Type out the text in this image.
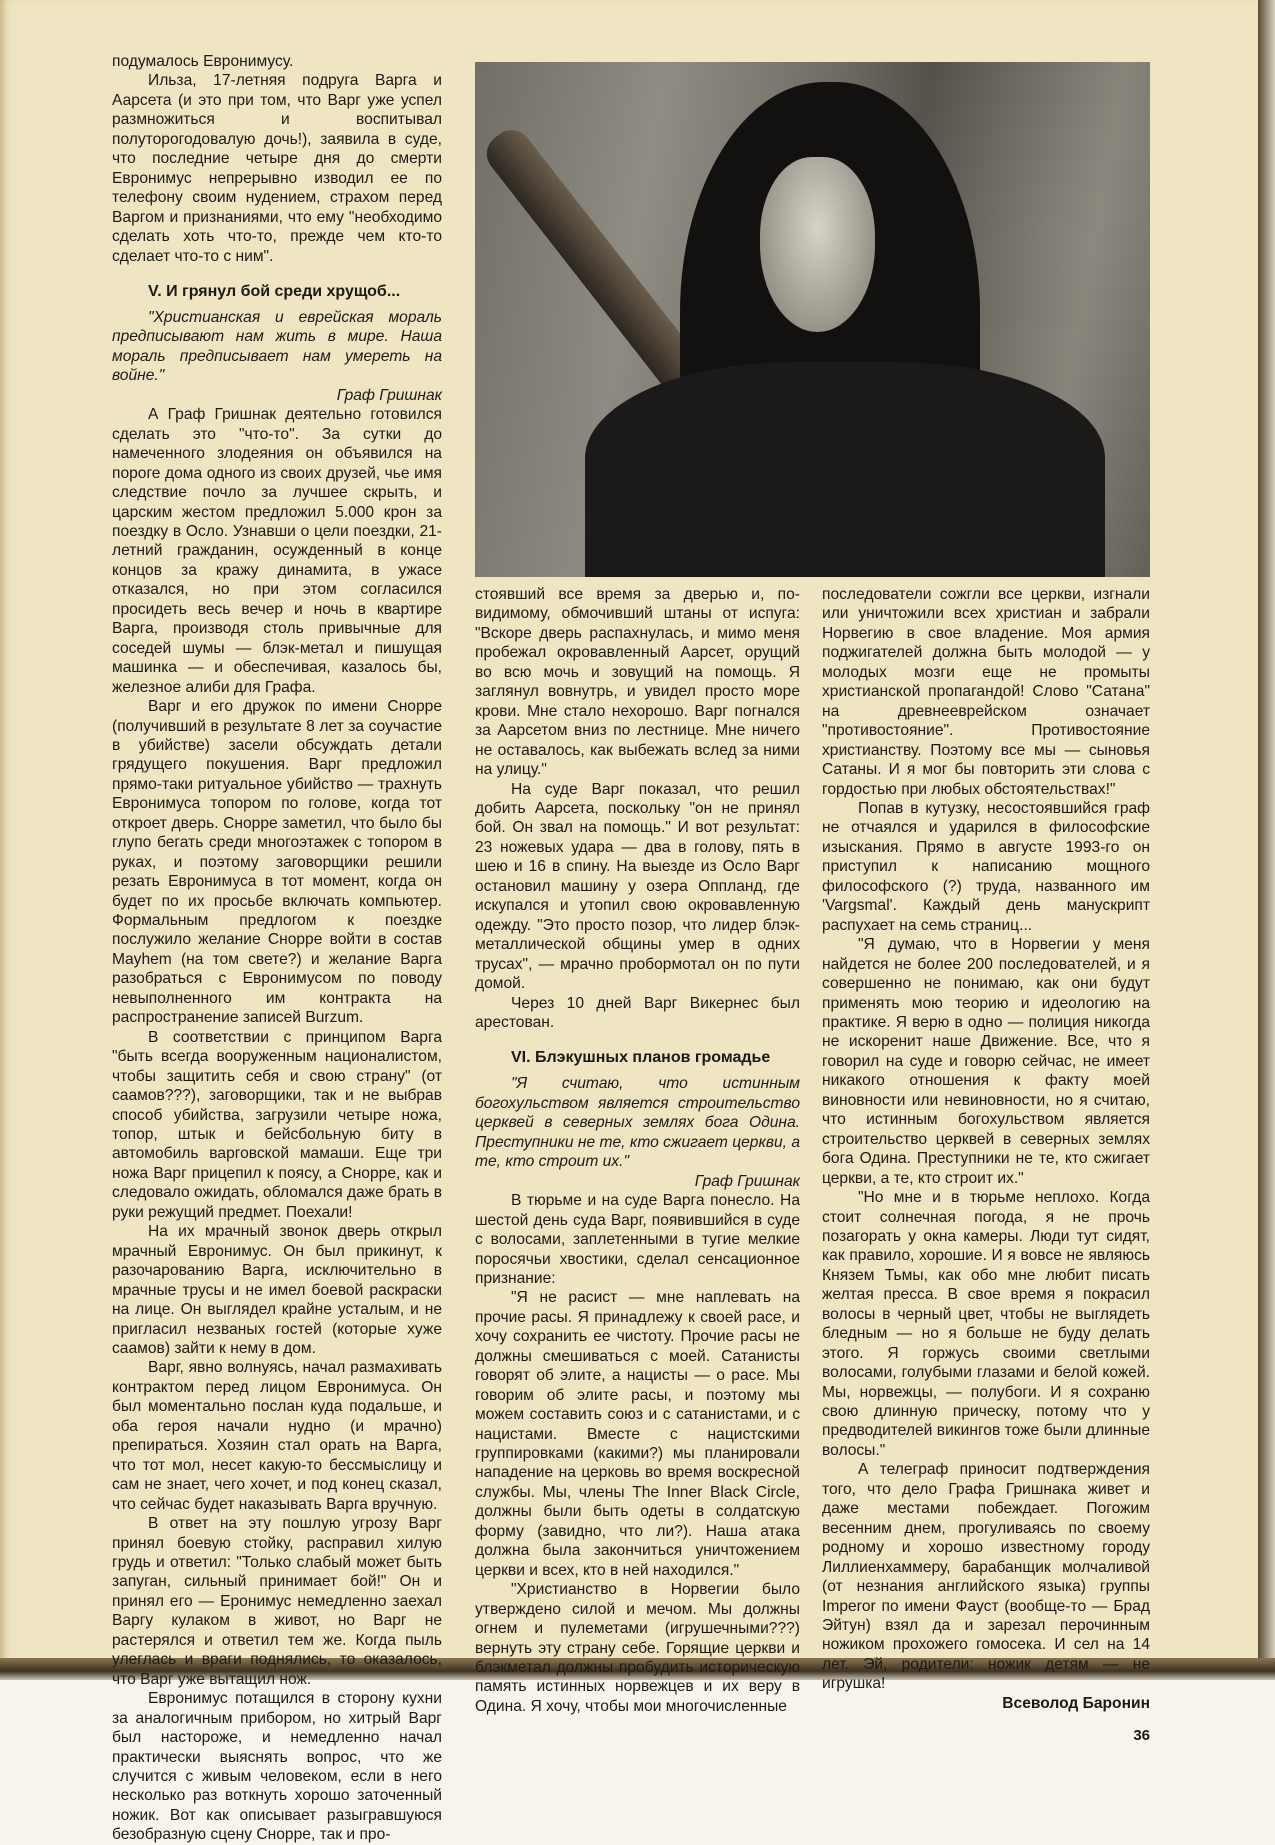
подумалось Евронимусу.

Ильза, 17-летняя подруга Варга и Аарсета (и это при том, что Варг уже успел размножиться и воспитывал полуторогодовалую дочь!), заявила в суде, что последние четыре дня до смерти Евронимус непрерывно изводил ее по телефону своим нудением, страхом перед Варгом и признаниями, что ему "необходимо сделать хоть что-то, прежде чем кто-то сделает что-то с ним".

V. И грянул бой среди хрущоб...

"Христианская и еврейская мораль предписывают нам жить в мире. Наша мораль предписывает нам умереть на войне."

Граф Гришнак

А Граф Гришнак деятельно готовился сделать это "что-то". За сутки до намеченного злодеяния он объявился на пороге дома одного из своих друзей, чье имя следствие почло за лучшее скрыть, и царским жестом предложил 5.000 крон за поездку в Осло. Узнавши о цели поездки, 21-летний гражданин, осужденный в конце концов за кражу динамита, в ужасе отказался, но при этом согласился просидеть весь вечер и ночь в квартире Варга, производя столь привычные для соседей шумы — блэк-метал и пишущая машинка — и обеспечивая, казалось бы, железное алиби для Графа.

Варг и его дружок по имени Снорре (получивший в результате 8 лет за соучастие в убийстве) засели обсуждать детали грядущего покушения. Варг предложил прямо-таки ритуальное убийство — трахнуть Евронимуса топором по голове, когда тот откроет дверь. Снорре заметил, что было бы глупо бегать среди многоэтажек с топором в руках, и поэтому заговорщики решили резать Евронимуса в тот момент, когда он будет по их просьбе включать компьютер. Формальным предлогом к поездке послужило желание Снорре войти в состав Mayhem (на том свете?) и желание Варга разобраться с Евронимусом по поводу невыполненного им контракта на распространение записей Burzum.

В соответствии с принципом Варга "быть всегда вооруженным националистом, чтобы защитить себя и свою страну" (от саамов???), заговорщики, так и не выбрав способ убийства, загрузили четыре ножа, топор, штык и бейсбольную биту в автомобиль варговской мамаши. Еще три ножа Варг прицепил к поясу, а Снорре, как и следовало ожидать, обломался даже брать в руки режущий предмет. Поехали!

На их мрачный звонок дверь открыл мрачный Евронимус. Он был прикинут, к разочарованию Варга, исключительно в мрачные трусы и не имел боевой раскраски на лице. Он выглядел крайне усталым, и не пригласил незваных гостей (которые хуже саамов) зайти к нему в дом.

Варг, явно волнуясь, начал размахивать контрактом перед лицом Евронимуса. Он был моментально послан куда подальше, и оба героя начали нудно (и мрачно) препираться. Хозяин стал орать на Варга, что тот мол, несет какую-то бессмыслицу и сам не знает, чего хочет, и под конец сказал, что сейчас будет наказывать Варга вручную.

В ответ на эту пошлую угрозу Варг принял боевую стойку, расправил хилую грудь и ответил: "Только слабый может быть запуган, сильный принимает бой!" Он и принял его — Еронимус немедленно заехал Варгу кулаком в живот, но Варг не растерялся и ответил тем же. Когда пыль улеглась и враги поднялись, то оказалось, что Варг уже вытащил нож.

Евронимус потащился в сторону кухни за аналогичным прибором, но хитрый Варг был настороже, и немедленно начал практически выяснять вопрос, что же случится с живым человеком, если в него несколько раз воткнуть хорошо заточенный ножик. Вот как описывает разыгравшуюся безобразную сцену Снорре, так и про-

стоявший все время за дверью и, по-видимому, обмочивший штаны от испуга: "Вскоре дверь распахнулась, и мимо меня пробежал окровавленный Аарсет, орущий во всю мочь и зовущий на помощь. Я заглянул вовнутрь, и увидел просто море крови. Мне стало нехорошо. Варг погнался за Аарсетом вниз по лестнице. Мне ничего не оставалось, как выбежать вслед за ними на улицу."

На суде Варг показал, что решил добить Аарсета, поскольку "он не принял бой. Он звал на помощь." И вот результат: 23 ножевых удара — два в голову, пять в шею и 16 в спину. На выезде из Осло Варг остановил машину у озера Оппланд, где искупался и утопил свою окровавленную одежду. "Это просто позор, что лидер блэк-металлической общины умер в одних трусах", — мрачно пробормотал он по пути домой.

Через 10 дней Варг Викернес был арестован.

VI. Блэкушных планов громадье

"Я считаю, что истинным богохульством является строительство церквей в северных землях бога Одина. Преступники не те, кто сжигает церкви, а те, кто строит их."

Граф Гришнак

В тюрьме и на суде Варга понесло. На шестой день суда Варг, появившийся в суде с волосами, заплетенными в тугие мелкие поросячьи хвостики, сделал сенсационное признание:

"Я не расист — мне наплевать на прочие расы. Я принадлежу к своей расе, и хочу сохранить ее чистоту. Прочие расы не должны смешиваться с моей. Сатанисты говорят об элите, а нацисты — о расе. Мы говорим об элите расы, и поэтому мы можем составить союз и с сатанистами, и с нацистами. Вместе с нацистскими группировками (какими?) мы планировали нападение на церковь во время воскресной службы. Мы, члены The Inner Black Circle, должны были быть одеты в солдатскую форму (завидно, что ли?). Наша атака должна была закончиться уничтожением церкви и всех, кто в ней находился."

"Христианство в Норвегии было утверждено силой и мечом. Мы должны огнем и пулеметами (игрушечными???) вернуть эту страну себе. Горящие церкви и блэкметал должны пробудить историческую память истинных норвежцев и их веру в Одина. Я хочу, чтобы мои многочисленные

последователи сожгли все церкви, изгнали или уничтожили всех христиан и забрали Норвегию в свое владение. Моя армия поджигателей должна быть молодой — у молодых мозги еще не промыты христианской пропагандой! Слово "Сатана" на древнееврейском означает "противостояние". Противостояние христианству. Поэтому все мы — сыновья Сатаны. И я мог бы повторить эти слова с гордостью при любых обстоятельствах!"

Попав в кутузку, несостоявшийся граф не отчаялся и ударился в философские изыскания. Прямо в августе 1993-го он приступил к написанию мощного философского (?) труда, названного им 'Vargsmal'. Каждый день манускрипт распухает на семь страниц...

"Я думаю, что в Норвегии у меня найдется не более 200 последователей, и я совершенно не понимаю, как они будут применять мою теорию и идеологию на практике. Я верю в одно — полиция никогда не искоренит наше Движение. Все, что я говорил на суде и говорю сейчас, не имеет никакого отношения к факту моей виновности или невиновности, но я считаю, что истинным богохульством является строительство церквей в северных землях бога Одина. Преступники не те, кто сжигает церкви, а те, кто строит их."

"Но мне и в тюрьме неплохо. Когда стоит солнечная погода, я не прочь позагорать у окна камеры. Люди тут сидят, как правило, хорошие. И я вовсе не являюсь Князем Тьмы, как обо мне любит писать желтая пресса. В свое время я покрасил волосы в черный цвет, чтобы не выглядеть бледным — но я больше не буду делать этого. Я горжусь своими светлыми волосами, голубыми глазами и белой кожей. Мы, норвежцы, — полубоги. И я сохраню свою длинную прическу, потому что у предводителей викингов тоже были длинные волосы."

А телеграф приносит подтверждения того, что дело Графа Гришнака живет и даже местами побеждает. Погожим весенним днем, прогуливаясь по своему родному и хорошо известному городу Лиллиенхаммеру, барабанщик молчаливой (от незнания английского языка) группы Imperor по имени Фауст (вообще-то — Брад Эйтун) взял да и зарезал перочинным ножиком прохожего гомосека. И сел на 14 лет. Эй, родители: ножик детям — не игрушка!

Всеволод Баронин

36
